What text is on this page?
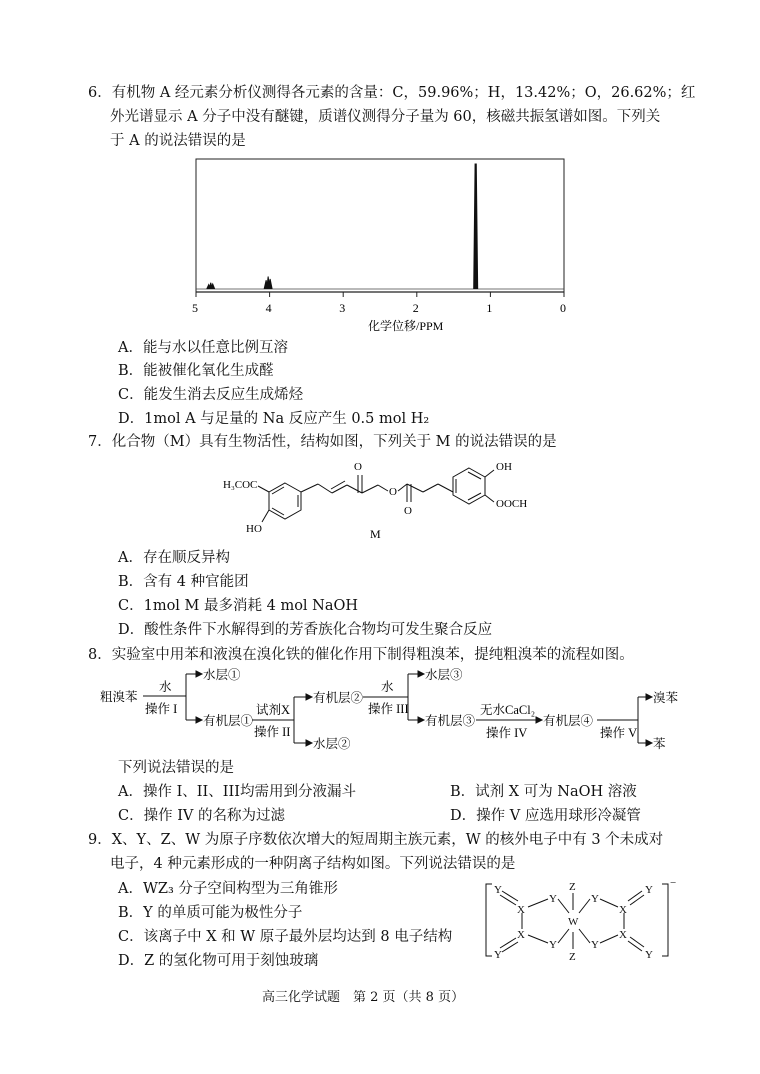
6．有机物 A 经元素分析仪测得各元素的含量：C，59.96%；H，13.42%；O，26.62%；红
外光谱显示 A 分子中没有醚键，质谱仪测得分子量为 60，核磁共振氢谱如图。下列关
于 A 的说法错误的是
5	4	3	2	1	0
化学位移/PPM
A．能与水以任意比例互溶
B．能被催化氧化生成醛
C．能发生消去反应生成烯烃
D．1mol A 与足量的 Na 反应产生 0.5 mol H₂
7．化合物（M）具有生物活性，结构如图，下列关于 M 的说法错误的是
H₃COC
HO
O
O
O
OH
OOCH
M
A．存在顺反异构
B．含有 4 种官能团
C．1mol M 最多消耗 4 mol NaOH
D．酸性条件下水解得到的芳香族化合物均可发生聚合反应
8．实验室中用苯和液溴在溴化铁的催化作用下制得粗溴苯，提纯粗溴苯的流程如图。
粗溴苯
水
操作 I
水层①
有机层①
试剂X
操作 II
有机层②
水层②
水
操作 III
水层③
有机层③
无水CaCl₂
操作 IV
有机层④
操作 V
溴苯
苯
下列说法错误的是
A．操作 I、II、III均需用到分液漏斗	B．试剂 X 可为 NaOH 溶液
C．操作 IV 的名称为过滤	D．操作 V 应选用球形冷凝管
9．X、Y、Z、W 为原子序数依次增大的短周期主族元素，W 的核外电子中有 3 个未成对
电子，4 种元素形成的一种阴离子结构如图。下列说法错误的是
A．WZ₃ 分子空间构型为三角锥形
B．Y 的单质可能为极性分子
C．该离子中 X 和 W 原子最外层均达到 8 电子结构
D．Z 的氢化物可用于刻蚀玻璃
Y
Y
X
X
Y
Y
Z
W
Z
Y
Y
X
X
Y
Y
−
高三化学试题　第 2 页（共 8 页）
